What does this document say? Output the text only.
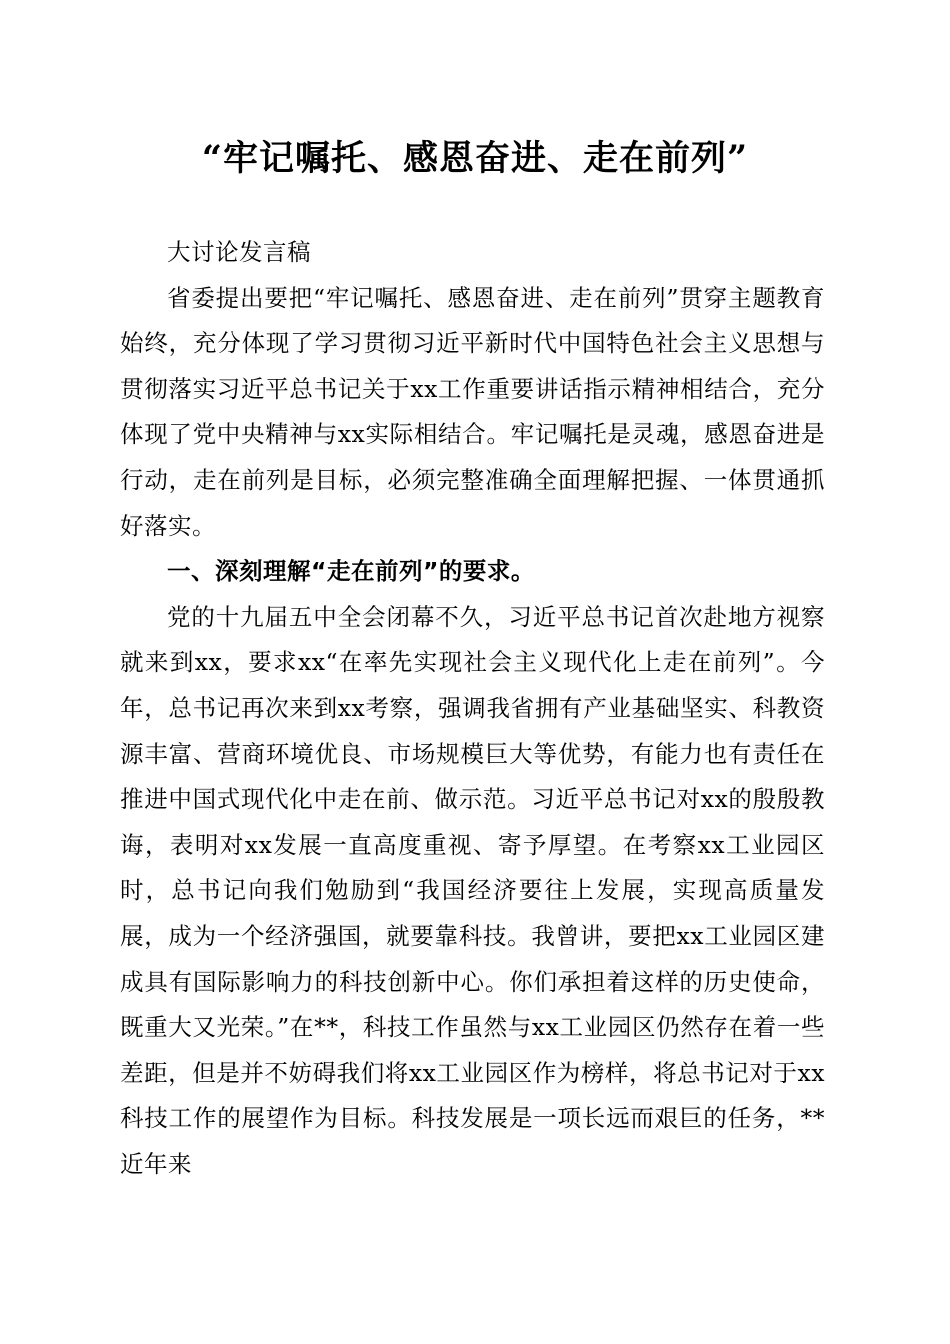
“牢记嘱托、感恩奋进、走在前列”

大讨论发言稿

省委提出要把“牢记嘱托、感恩奋进、走在前列”贯穿主题教育始终，充分体现了学习贯彻习近平新时代中国特色社会主义思想与贯彻落实习近平总书记关于xx工作重要讲话指示精神相结合，充分体现了党中央精神与xx实际相结合。牢记嘱托是灵魂，感恩奋进是行动，走在前列是目标，必须完整准确全面理解把握、一体贯通抓好落实。

一、深刻理解“走在前列”的要求。

党的十九届五中全会闭幕不久，习近平总书记首次赴地方视察就来到xx，要求xx“在率先实现社会主义现代化上走在前列”。今年，总书记再次来到xx考察，强调我省拥有产业基础坚实、科教资源丰富、营商环境优良、市场规模巨大等优势，有能力也有责任在推进中国式现代化中走在前、做示范。习近平总书记对xx的殷殷教诲，表明对xx发展一直高度重视、寄予厚望。在考察xx工业园区时，总书记向我们勉励到“我国经济要往上发展，实现高质量发展，成为一个经济强国，就要靠科技。我曾讲，要把xx工业园区建成具有国际影响力的科技创新中心。你们承担着这样的历史使命，既重大又光荣。”在**，科技工作虽然与xx工业园区仍然存在着一些差距，但是并不妨碍我们将xx工业园区作为榜样，将总书记对于xx科技工作的展望作为目标。科技发展是一项长远而艰巨的任务，**近年来
